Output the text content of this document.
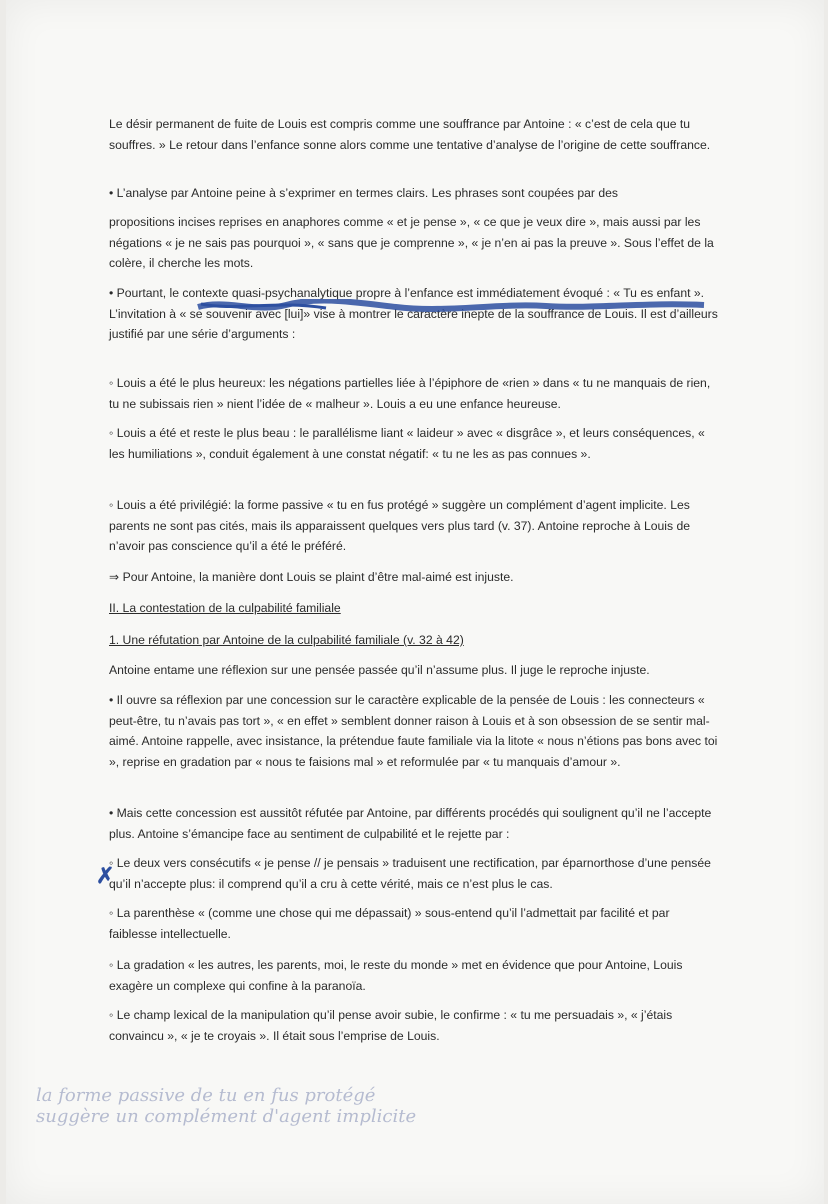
Le désir permanent de fuite de Louis est compris comme une souffrance par Antoine : « c’est de cela que tu souffres. » Le retour dans l’enfance sonne alors comme une tentative d’analyse de l’origine de cette souffrance.

• L’analyse par Antoine peine à s’exprimer en termes clairs. Les phrases sont coupées par des

propositions incises reprises en anaphores comme « et je pense », « ce que je veux dire », mais aussi par les négations « je ne sais pas pourquoi », « sans que je comprenne », « je n’en ai pas la preuve ». Sous l’effet de la colère, il cherche les mots.

• Pourtant, le contexte quasi-psychanalytique propre à l’enfance est immédiatement évoqué : « Tu es enfant ». L’invitation à « se souvenir avec [lui]» vise à montrer le caractère inepte de la souffrance de Louis. Il est d’ailleurs justifié par une série d’arguments :

◦ Louis a été le plus heureux: les négations partielles liée à l’épiphore de «rien » dans « tu ne manquais de rien, tu ne subissais rien » nient l’idée de « malheur ». Louis a eu une enfance heureuse.

◦ Louis a été et reste le plus beau : le parallélisme liant « laideur » avec « disgrâce », et leurs conséquences, « les humiliations », conduit également à une constat négatif: « tu ne les as pas connues ».

◦ Louis a été privilégié: la forme passive « tu en fus protégé » suggère un complément d’agent implicite. Les parents ne sont pas cités, mais ils apparaissent quelques vers plus tard (v. 37). Antoine reproche à Louis de n’avoir pas conscience qu’il a été le préféré.

⇒ Pour Antoine, la manière dont Louis se plaint d’être mal-aimé est injuste.

II. La contestation de la culpabilité familiale

1. Une réfutation par Antoine de la culpabilité familiale (v. 32 à 42)

Antoine entame une réflexion sur une pensée passée qu’il n’assume plus. Il juge le reproche injuste.

• Il ouvre sa réflexion par une concession sur le caractère explicable de la pensée de Louis : les connecteurs « peut-être, tu n’avais pas tort », « en effet » semblent donner raison à Louis et à son obsession de se sentir mal-aimé. Antoine rappelle, avec insistance, la prétendue faute familiale via la litote « nous n’étions pas bons avec toi », reprise en gradation par « nous te faisions mal » et reformulée par « tu manquais d’amour ».

• Mais cette concession est aussitôt réfutée par Antoine, par différents procédés qui soulignent qu’il ne l’accepte plus. Antoine s’émancipe face au sentiment de culpabilité et le rejette par :

◦ Le deux vers consécutifs « je pense // je pensais » traduisent une rectification, par éparnorthose d’une pensée qu’il n’accepte plus: il comprend qu’il a cru à cette vérité, mais ce n’est plus le cas.

◦ La parenthèse « (comme une chose qui me dépassait) » sous-entend qu’il l’admettait par facilité et par faiblesse intellectuelle.

◦ La gradation « les autres, les parents, moi, le reste du monde » met en évidence que pour Antoine, Louis exagère un complexe qui confine à la paranoïa.

◦ Le champ lexical de la manipulation qu’il pense avoir subie, le confirme : « tu me persuadais », « j’étais convaincu », « je te croyais ». Il était sous l’emprise de Louis.

✗
la forme passive de tu en fus protégé suggère un complément d'agent implicite
